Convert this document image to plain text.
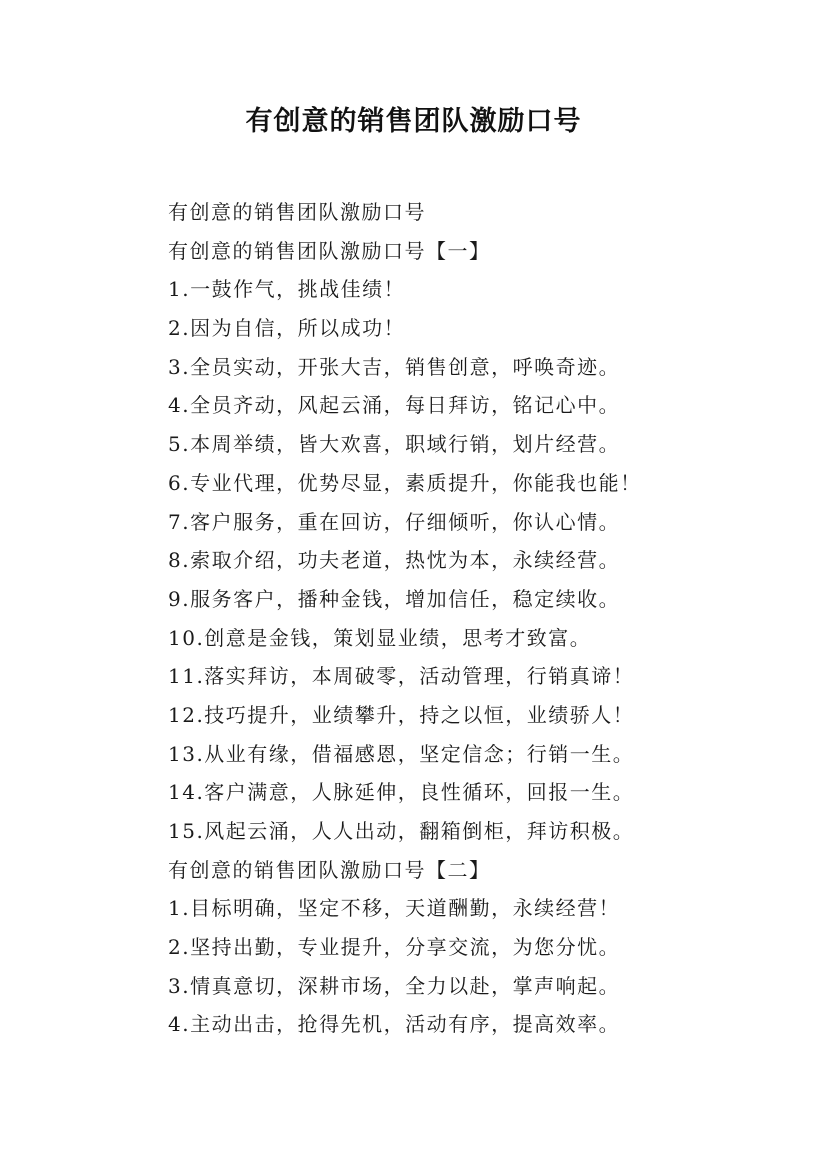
有创意的销售团队激励口号
有创意的销售团队激励口号
有创意的销售团队激励口号【一】
1.一鼓作气，挑战佳绩！
2.因为自信，所以成功！
3.全员实动，开张大吉，销售创意，呼唤奇迹。
4.全员齐动，风起云涌，每日拜访，铭记心中。
5.本周举绩，皆大欢喜，职域行销，划片经营。
6.专业代理，优势尽显，素质提升，你能我也能！
7.客户服务，重在回访，仔细倾听，你认心情。
8.索取介绍，功夫老道，热忱为本，永续经营。
9.服务客户，播种金钱，增加信任，稳定续收。
10.创意是金钱，策划显业绩，思考才致富。
11.落实拜访，本周破零，活动管理，行销真谛！
12.技巧提升，业绩攀升，持之以恒，业绩骄人！
13.从业有缘，借福感恩，坚定信念；行销一生。
14.客户满意，人脉延伸，良性循环，回报一生。
15.风起云涌，人人出动，翻箱倒柜，拜访积极。
有创意的销售团队激励口号【二】
1.目标明确，坚定不移，天道酬勤，永续经营！
2.坚持出勤，专业提升，分享交流，为您分忧。
3.情真意切，深耕市场，全力以赴，掌声响起。
4.主动出击，抢得先机，活动有序，提高效率。
